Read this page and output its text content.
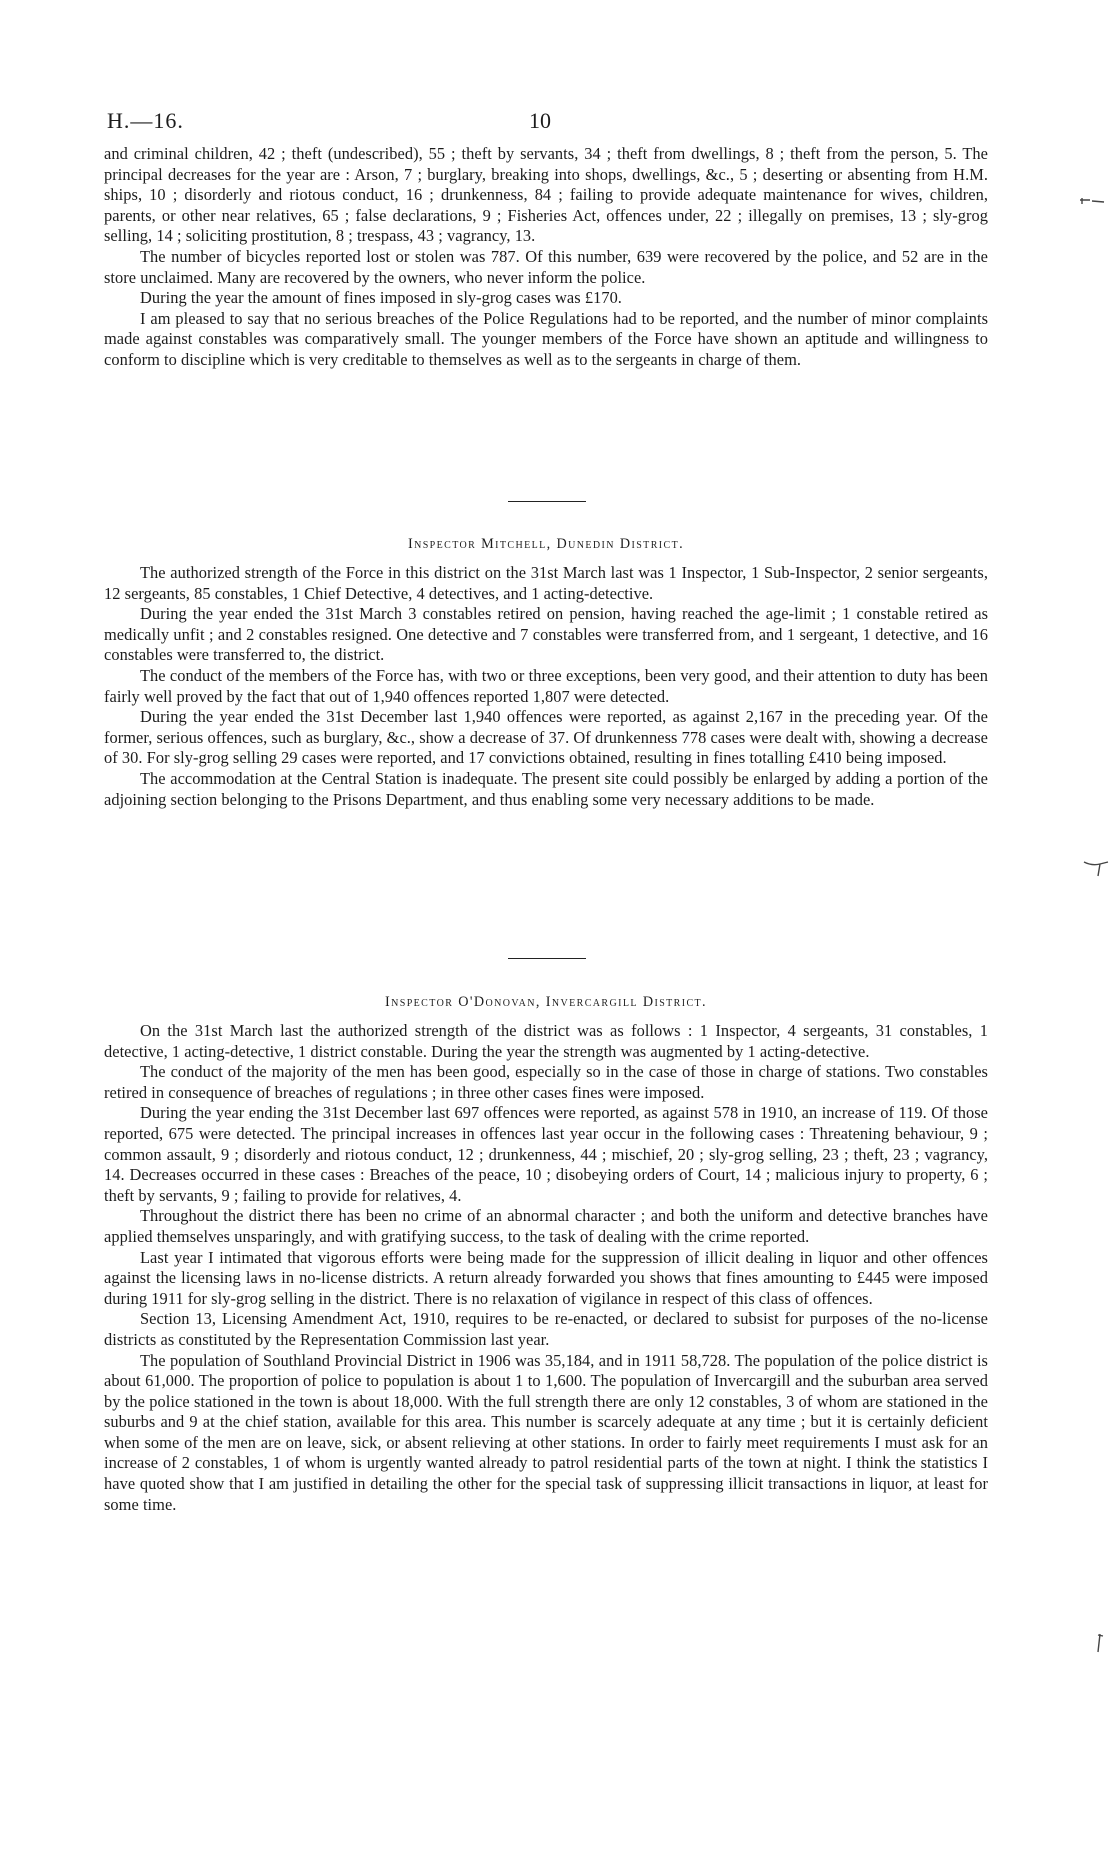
H.—16.	10

and criminal children, 42 ; theft (undescribed), 55 ; theft by servants, 34 ; theft from dwellings, 8 ; theft from the person, 5. The principal decreases for the year are : Arson, 7 ; burglary, breaking into shops, dwellings, &c., 5 ; deserting or absenting from H.M. ships, 10 ; disorderly and riotous conduct, 16 ; drunkenness, 84 ; failing to provide adequate maintenance for wives, children, parents, or other near relatives, 65 ; false declarations, 9 ; Fisheries Act, offences under, 22 ; illegally on premises, 13 ; sly-grog selling, 14 ; soliciting prostitution, 8 ; trespass, 43 ; vagrancy, 13.

The number of bicycles reported lost or stolen was 787. Of this number, 639 were recovered by the police, and 52 are in the store unclaimed. Many are recovered by the owners, who never inform the police.

During the year the amount of fines imposed in sly-grog cases was £170.

I am pleased to say that no serious breaches of the Police Regulations had to be reported, and the number of minor complaints made against constables was comparatively small. The younger members of the Force have shown an aptitude and willingness to conform to discipline which is very creditable to themselves as well as to the sergeants in charge of them.

Inspector Mitchell, Dunedin District.

The authorized strength of the Force in this district on the 31st March last was 1 Inspector, 1 Sub-Inspector, 2 senior sergeants, 12 sergeants, 85 constables, 1 Chief Detective, 4 detectives, and 1 acting-detective.

During the year ended the 31st March 3 constables retired on pension, having reached the age-limit ; 1 constable retired as medically unfit ; and 2 constables resigned. One detective and 7 constables were transferred from, and 1 sergeant, 1 detective, and 16 constables were transferred to, the district.

The conduct of the members of the Force has, with two or three exceptions, been very good, and their attention to duty has been fairly well proved by the fact that out of 1,940 offences reported 1,807 were detected.

During the year ended the 31st December last 1,940 offences were reported, as against 2,167 in the preceding year. Of the former, serious offences, such as burglary, &c., show a decrease of 37. Of drunkenness 778 cases were dealt with, showing a decrease of 30. For sly-grog selling 29 cases were reported, and 17 convictions obtained, resulting in fines totalling £410 being imposed.

The accommodation at the Central Station is inadequate. The present site could possibly be enlarged by adding a portion of the adjoining section belonging to the Prisons Department, and thus enabling some very necessary additions to be made.

Inspector O'Donovan, Invercargill District.

On the 31st March last the authorized strength of the district was as follows : 1 Inspector, 4 sergeants, 31 constables, 1 detective, 1 acting-detective, 1 district constable. During the year the strength was augmented by 1 acting-detective.

The conduct of the majority of the men has been good, especially so in the case of those in charge of stations. Two constables retired in consequence of breaches of regulations ; in three other cases fines were imposed.

During the year ending the 31st December last 697 offences were reported, as against 578 in 1910, an increase of 119. Of those reported, 675 were detected. The principal increases in offences last year occur in the following cases : Threatening behaviour, 9 ; common assault, 9 ; disorderly and riotous conduct, 12 ; drunkenness, 44 ; mischief, 20 ; sly-grog selling, 23 ; theft, 23 ; vagrancy, 14. Decreases occurred in these cases : Breaches of the peace, 10 ; disobeying orders of Court, 14 ; malicious injury to property, 6 ; theft by servants, 9 ; failing to provide for relatives, 4.

Throughout the district there has been no crime of an abnormal character ; and both the uniform and detective branches have applied themselves unsparingly, and with gratifying success, to the task of dealing with the crime reported.

Last year I intimated that vigorous efforts were being made for the suppression of illicit dealing in liquor and other offences against the licensing laws in no-license districts. A return already forwarded you shows that fines amounting to £445 were imposed during 1911 for sly-grog selling in the district. There is no relaxation of vigilance in respect of this class of offences.

Section 13, Licensing Amendment Act, 1910, requires to be re-enacted, or declared to subsist for purposes of the no-license districts as constituted by the Representation Commission last year.

The population of Southland Provincial District in 1906 was 35,184, and in 1911 58,728. The population of the police district is about 61,000. The proportion of police to population is about 1 to 1,600. The population of Invercargill and the suburban area served by the police stationed in the town is about 18,000. With the full strength there are only 12 constables, 3 of whom are stationed in the suburbs and 9 at the chief station, available for this area. This number is scarcely adequate at any time ; but it is certainly deficient when some of the men are on leave, sick, or absent relieving at other stations. In order to fairly meet requirements I must ask for an increase of 2 constables, 1 of whom is urgently wanted already to patrol residential parts of the town at night. I think the statistics I have quoted show that I am justified in detailing the other for the special task of suppressing illicit transactions in liquor, at least for some time.
